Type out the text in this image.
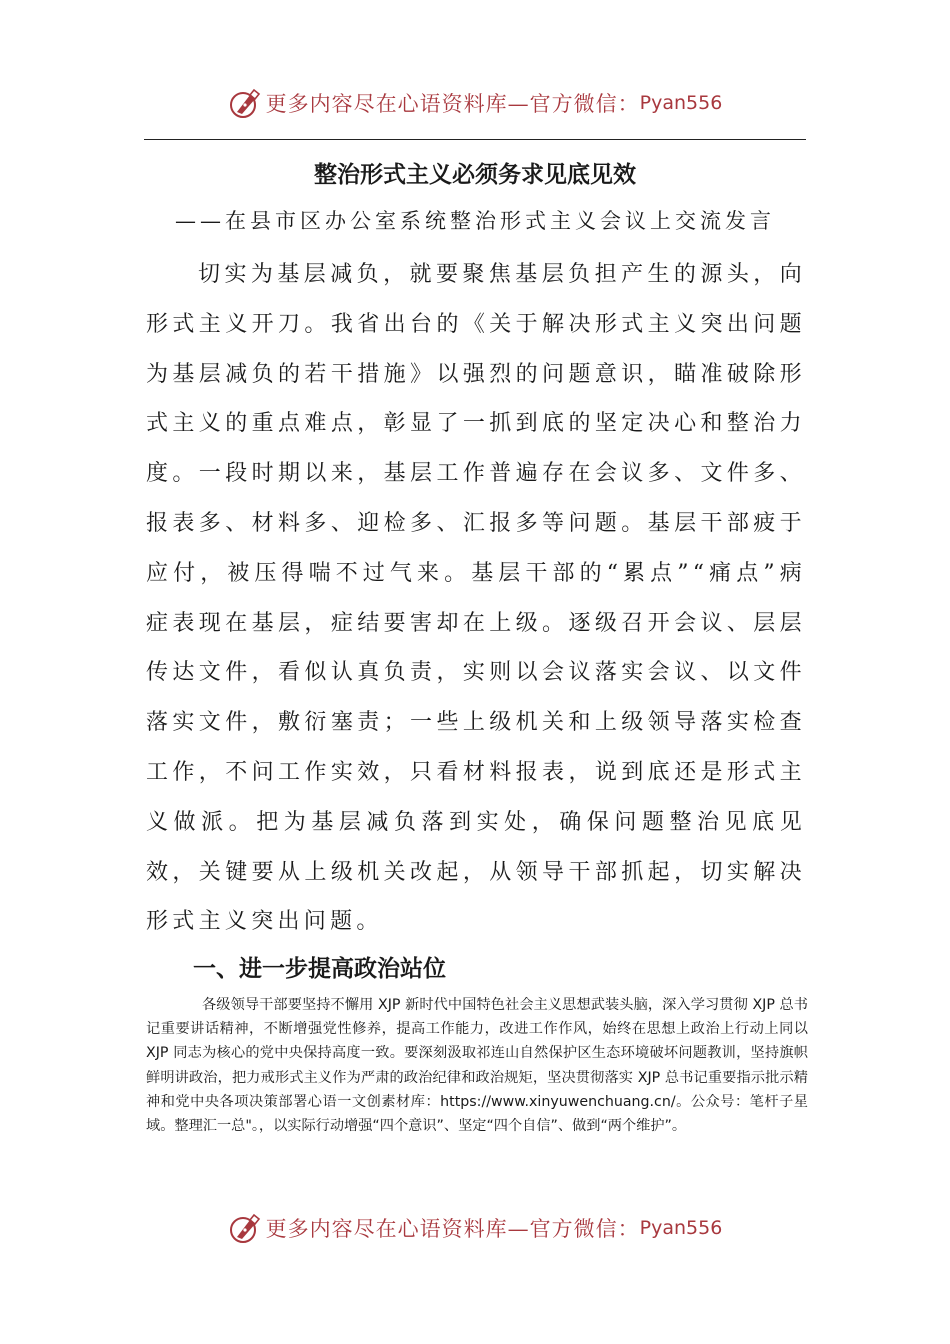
更多内容尽在心语资料库—官方微信： Pyan556
整治形式主义必须务求见底见效
——在县市区办公室系统整治形式主义会议上交流发言

切实为基层减负，就要聚焦基层负担产生的源头，向形式主义开刀。我省出台的《关于解决形式主义突出问题为基层减负的若干措施》以强烈的问题意识，瞄准破除形式主义的重点难点，彰显了一抓到底的坚定决心和整治力度。一段时期以来，基层工作普遍存在会议多、文件多、报表多、材料多、迎检多、汇报多等问题。基层干部疲于应付，被压得喘不过气来。基层干部的“累点”“痛点”病症表现在基层，症结要害却在上级。逐级召开会议、层层传达文件，看似认真负责，实则以会议落实会议、以文件落实文件，敷衍塞责；一些上级机关和上级领导落实检查工作，不问工作实效，只看材料报表，说到底还是形式主义做派。把为基层减负落到实处，确保问题整治见底见效，关键要从上级机关改起，从领导干部抓起，切实解决形式主义突出问题。

一、进一步提高政治站位

各级领导干部要坚持不懈用 XJP 新时代中国特色社会主义思想武装头脑，深入学习贯彻 XJP 总书记重要讲话精神，不断增强党性修养，提高工作能力，改进工作作风，始终在思想上政治上行动上同以 XJP 同志为核心的党中央保持高度一致。要深刻汲取祁连山自然保护区生态环境破坏问题教训，坚持旗帜鲜明讲政治，把力戒形式主义作为严肃的政治纪律和政治规矩，坚决贯彻落实 XJP 总书记重要指示批示精神和党中央各项决策部署心语一文创素材库：https://www.xinyuwenchuang.cn/。公众号：笔杆子星域。整理汇一总"。，以实际行动增强“四个意识”、坚定“四个自信”、做到“两个维护”。

更多内容尽在心语资料库—官方微信： Pyan556
